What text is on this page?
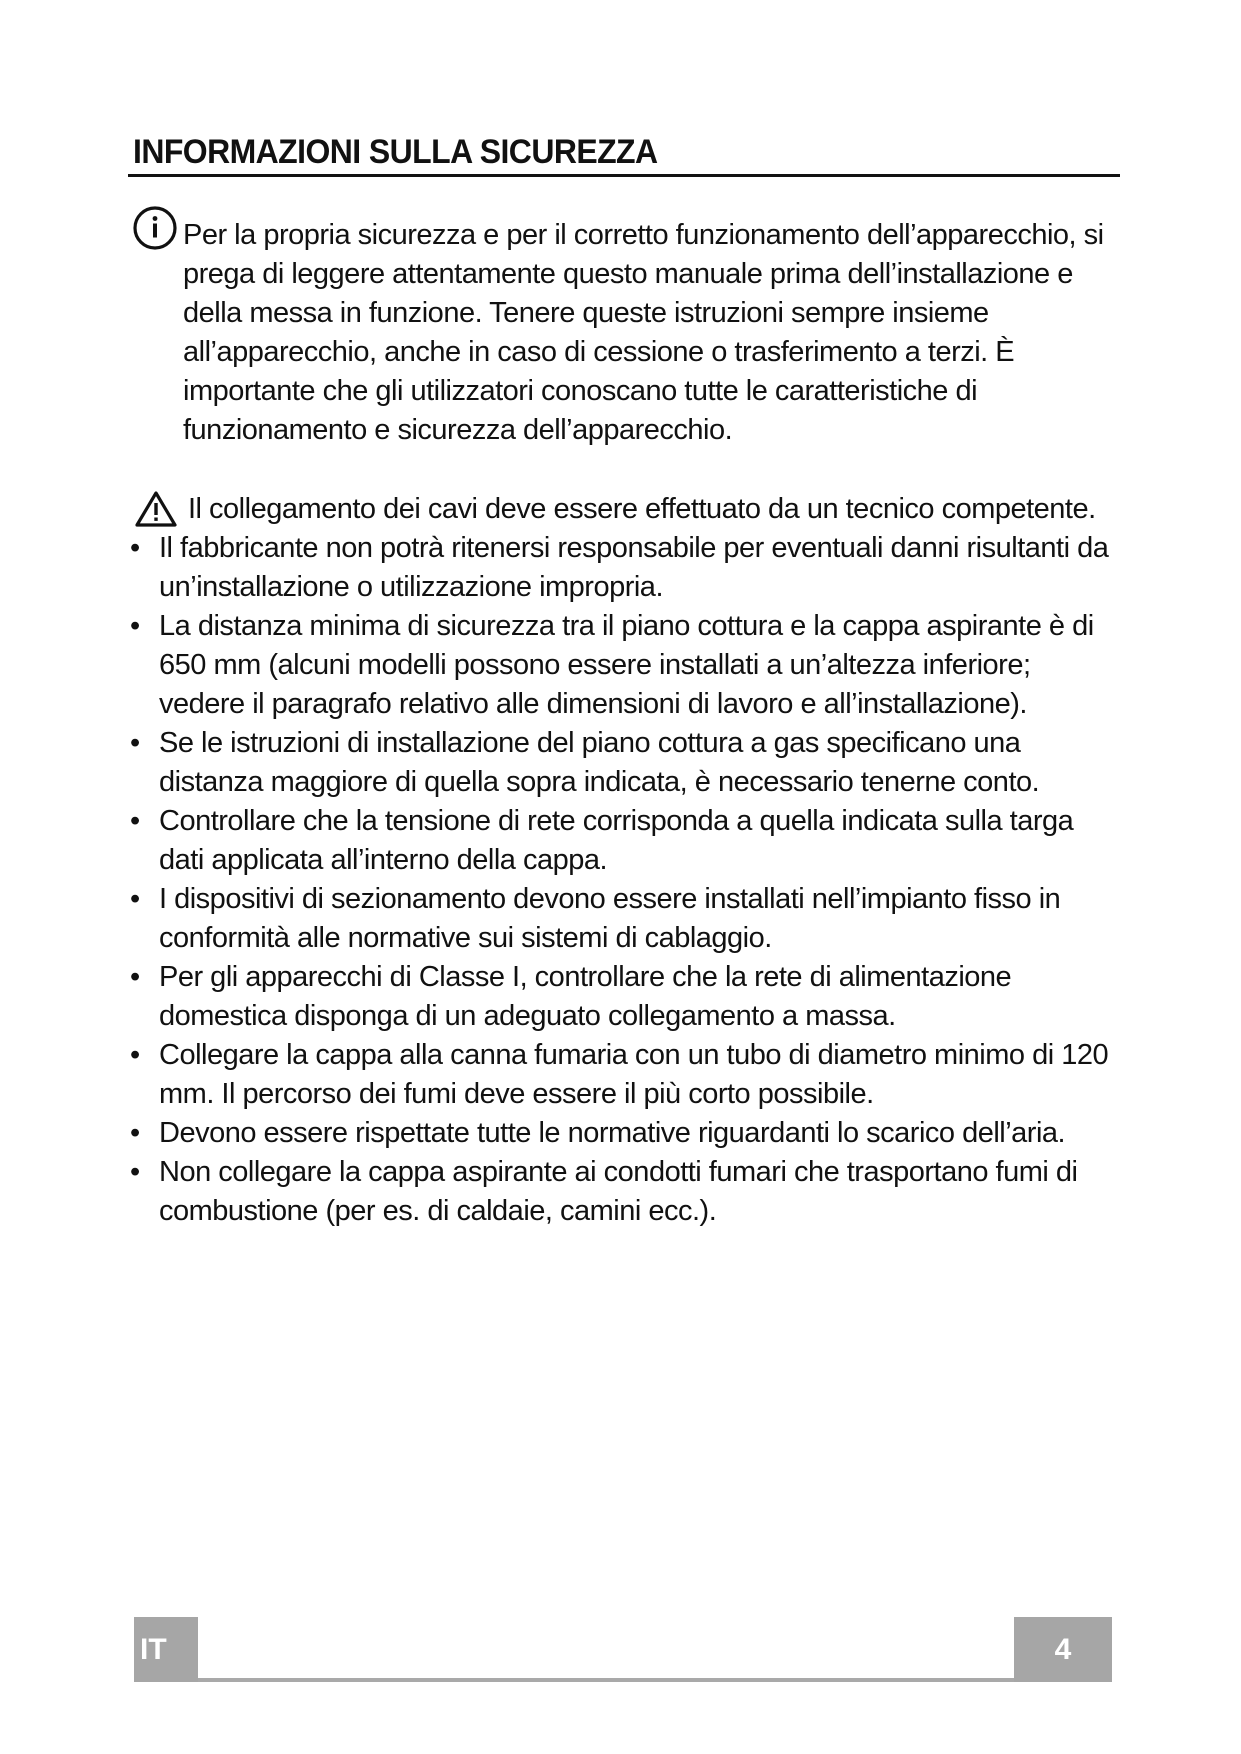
INFORMAZIONI SULLA SICUREZZA
Per la propria sicurezza e per il corretto funzionamento dell’apparecchio, si prega di leggere attentamente questo manuale prima dell’installazione e della messa in funzione. Tenere queste istruzioni sempre insieme all’apparecchio, anche in caso di cessione o trasferimento a terzi. È importante che gli utilizzatori conoscano tutte le caratteristiche di funzionamento e sicurezza dell’apparecchio.
Il collegamento dei cavi deve essere effettuato da un tecnico competente.
• Il fabbricante non potrà ritenersi responsabile per eventuali danni risultanti da un’installazione o utilizzazione impropria.
• La distanza minima di sicurezza tra il piano cottura e la cappa aspirante è di 650 mm (alcuni modelli possono essere installati a un’altezza inferiore; vedere il paragrafo relativo alle dimensioni di lavoro e all’installazione).
• Se le istruzioni di installazione del piano cottura a gas specificano una distanza maggiore di quella sopra indicata, è necessario tenerne conto.
• Controllare che la tensione di rete corrisponda a quella indicata sulla targa dati applicata all’interno della cappa.
• I dispositivi di sezionamento devono essere installati nell’impianto fisso in conformità alle normative sui sistemi di cablaggio.
• Per gli apparecchi di Classe I, controllare che la rete di alimentazione domestica disponga di un adeguato collegamento a massa.
• Collegare la cappa alla canna fumaria con un tubo di diametro minimo di 120 mm. Il percorso dei fumi deve essere il più corto possibile.
• Devono essere rispettate tutte le normative riguardanti lo scarico dell’aria.
• Non collegare la cappa aspirante ai condotti fumari che trasportano fumi di combustione (per es. di caldaie, camini ecc.).
IT	4
